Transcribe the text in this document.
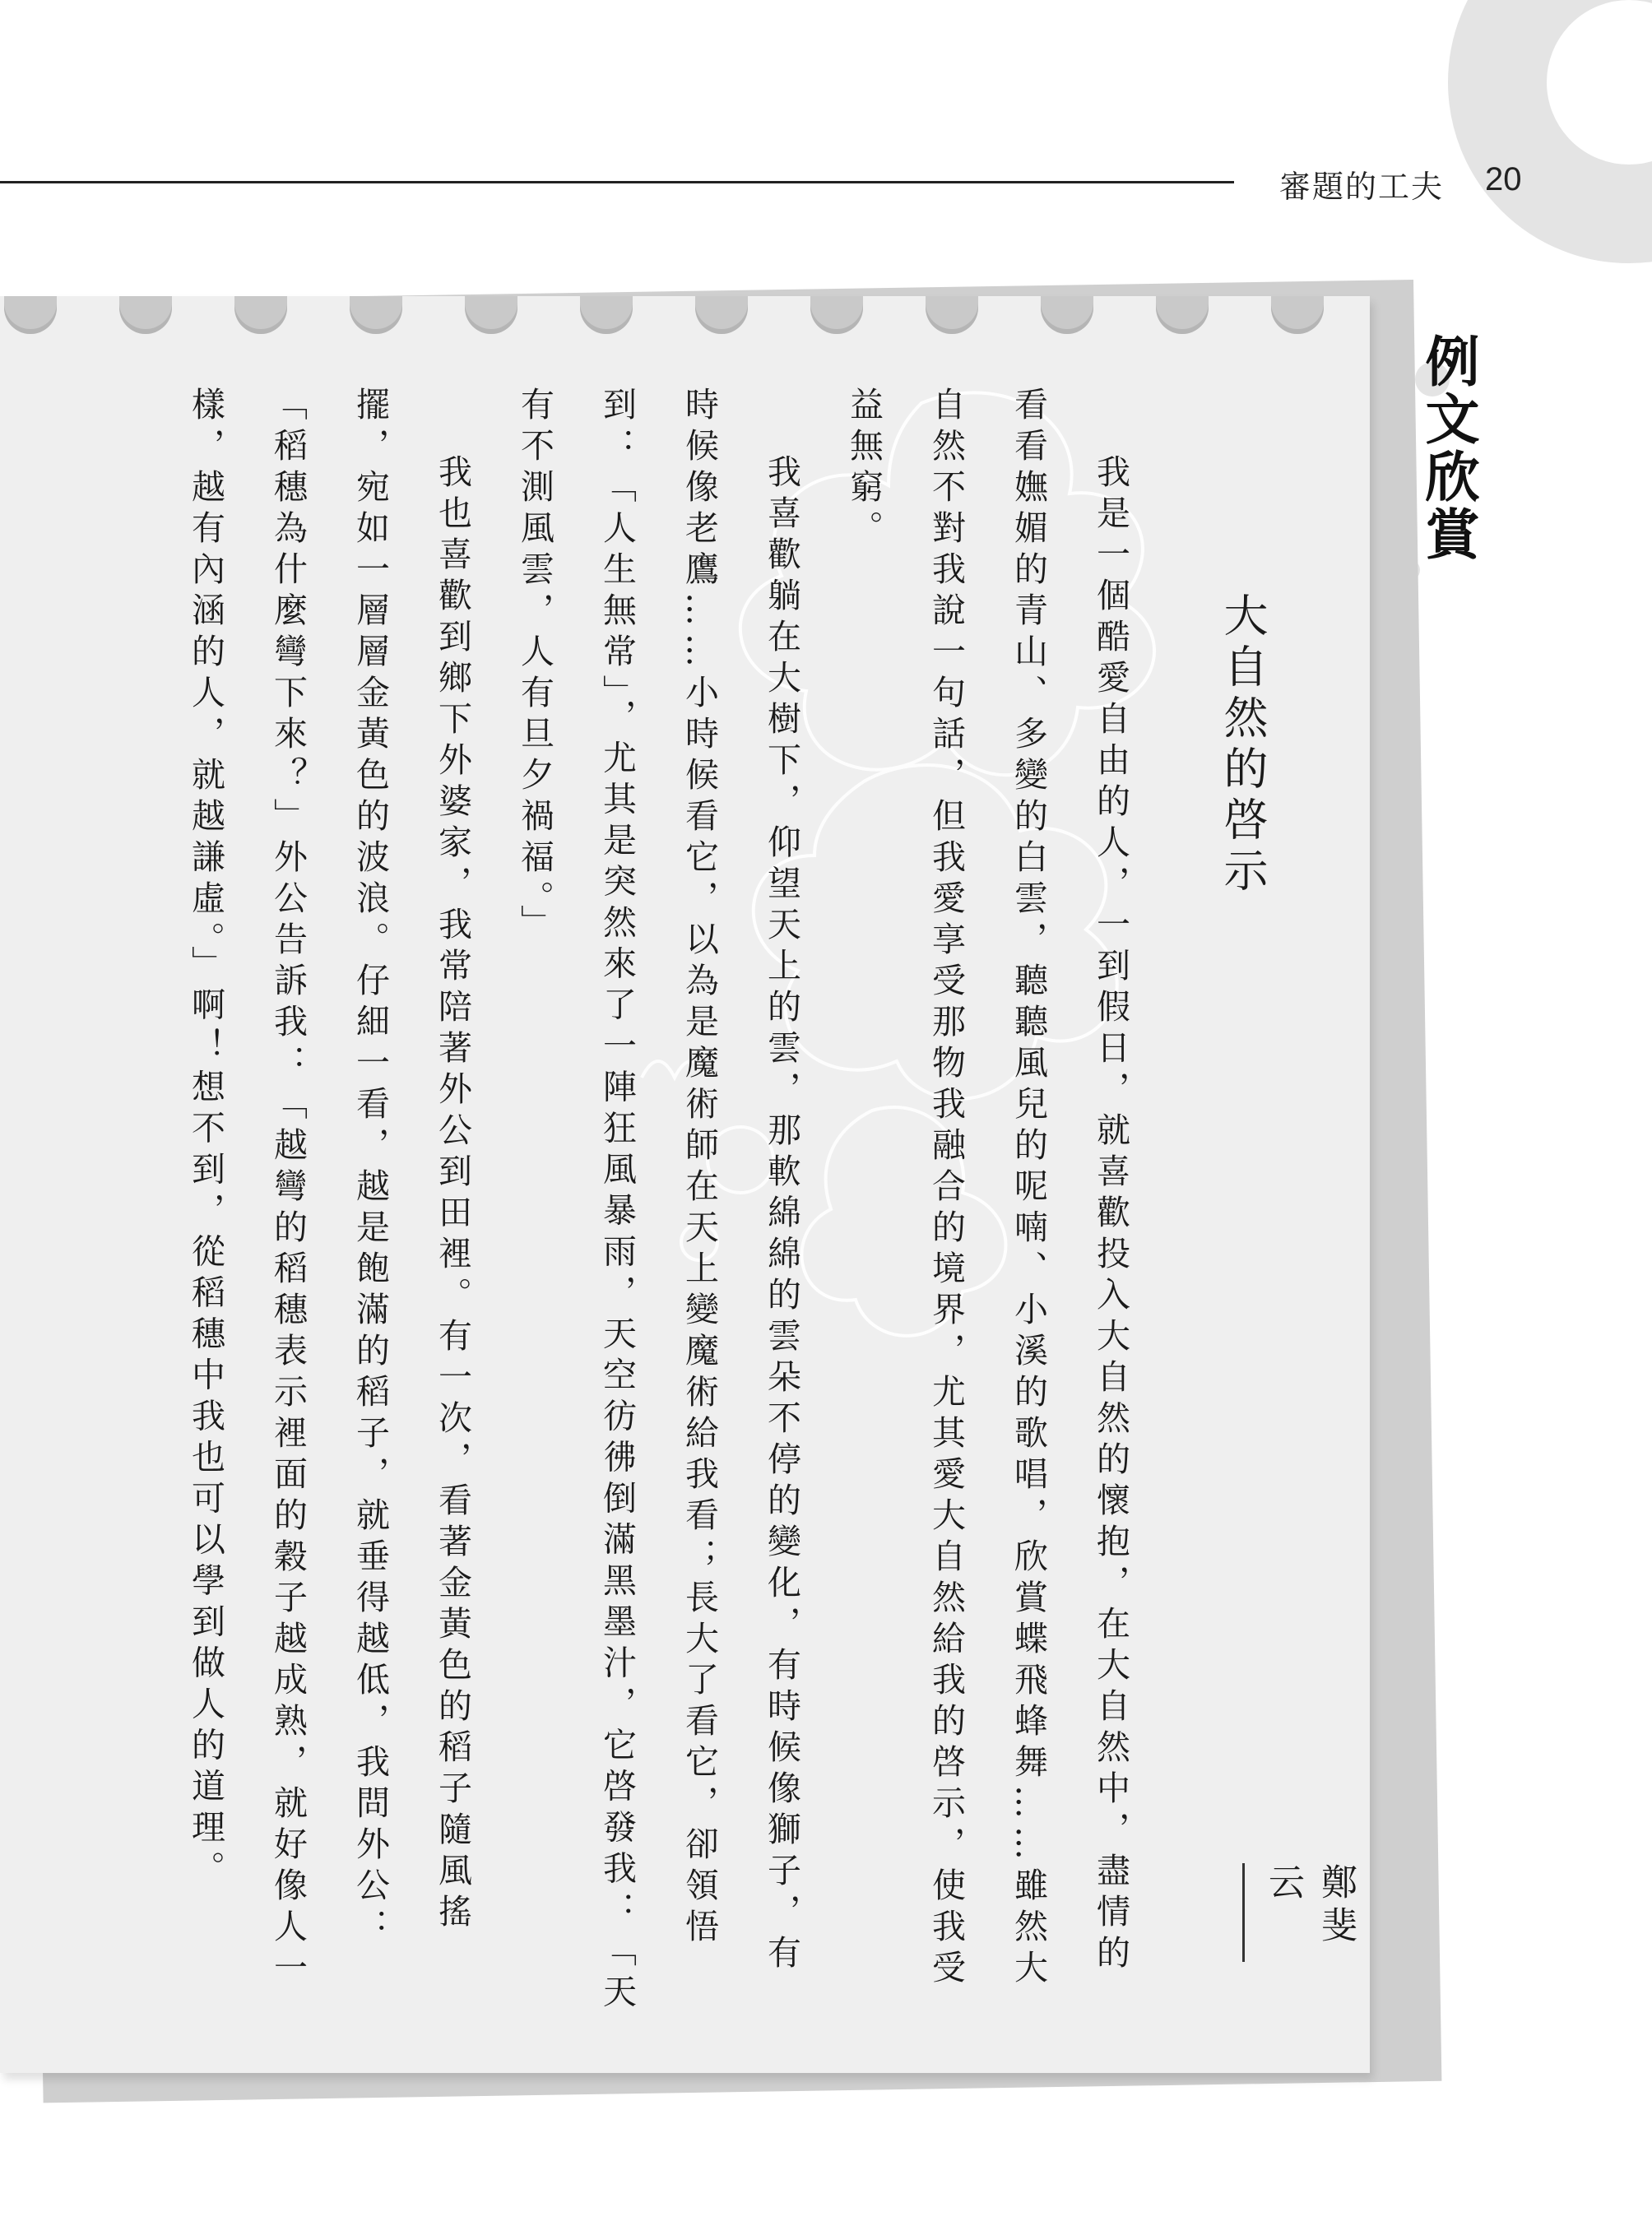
審題的工夫 20
例文欣賞
大自然的啓示

我是一個酷愛自由的人，一到假日，就喜歡投入大自然的懷抱，在大自然中，盡情的看看嫵媚的青山、多變的白雲，聽聽風兒的呢喃、小溪的歌唱，欣賞蝶飛蜂舞……雖然大自然不對我說一句話，但我愛享受那物我融合的境界，尤其愛大自然給我的啓示，使我受益無窮。

我喜歡躺在大樹下，仰望天上的雲，那軟綿綿的雲朵不停的變化，有時候像獅子，有時候像老鷹……小時候看它，以為是魔術師在天上變魔術給我看；長大了看它，卻領悟到：「人生無常」，尤其是突然來了一陣狂風暴雨，天空彷彿倒滿黑墨汁，它啓發我：「天有不測風雲，人有旦夕禍福。」

我也喜歡到鄉下外婆家，我常陪著外公到田裡。有一次，看著金黃色的稻子隨風搖擺，宛如一層層金黃色的波浪。仔細一看，越是飽滿的稻子，就垂得越低，我問外公：「稻穗為什麼彎下來？」外公告訴我：「越彎的稻穗表示裡面的穀子越成熟，就好像人一樣，越有內涵的人，就越謙虛。」啊！想不到，從稻穗中我也可以學到做人的道理。

鄭斐云
